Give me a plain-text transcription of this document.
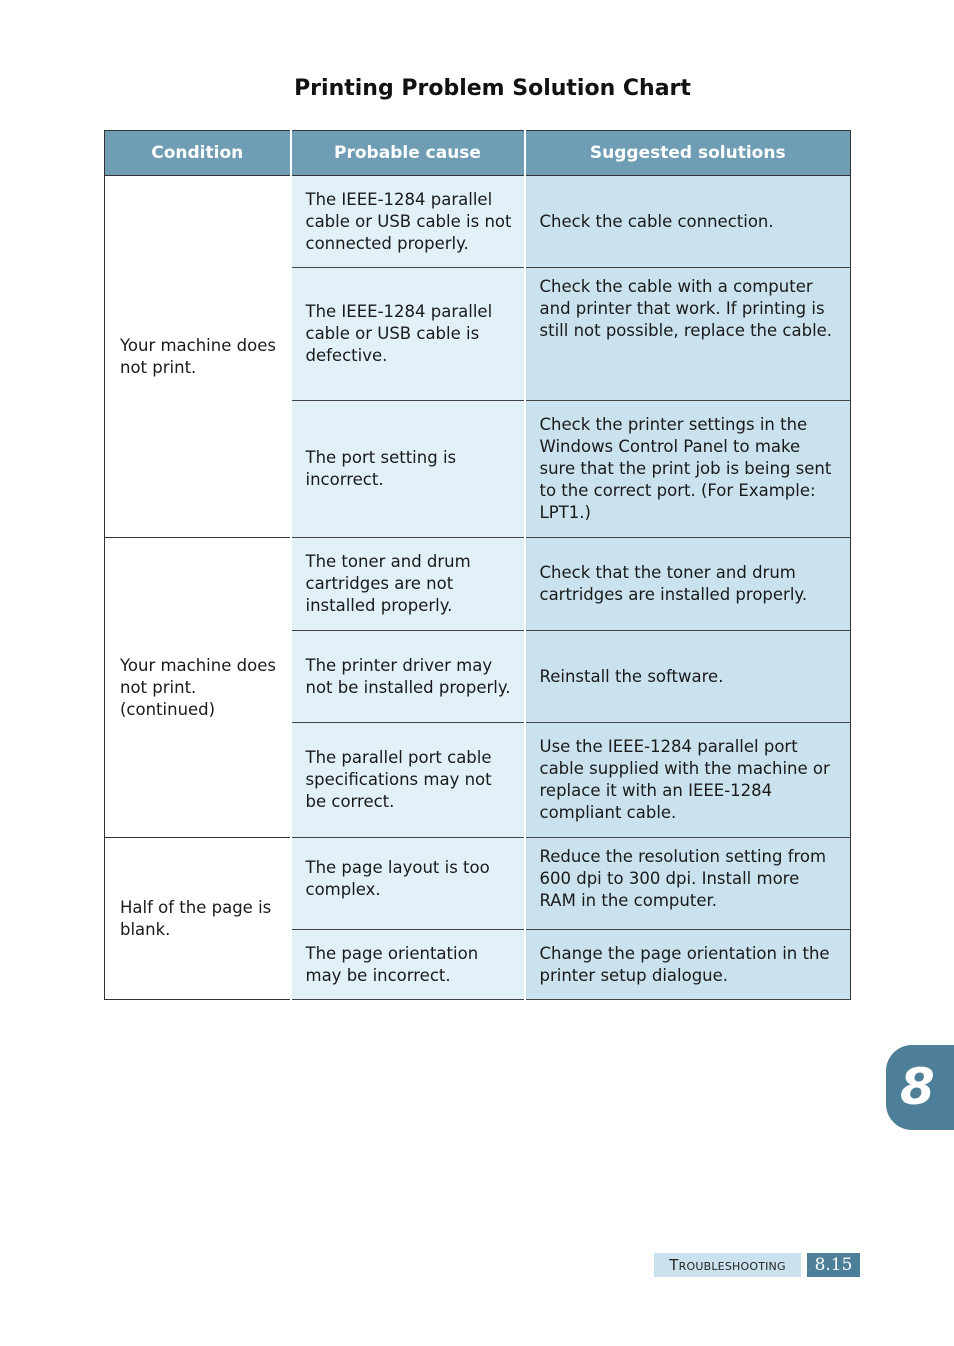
Printing Problem Solution Chart
Condition	Probable cause	Suggested solutions
Your machine does not print.	The IEEE-1284 parallel cable or USB cable is not connected properly.	Check the cable connection.
	The IEEE-1284 parallel cable or USB cable is defective.	Check the cable with a computer and printer that work. If printing is still not possible, replace the cable.
	The port setting is incorrect.	Check the printer settings in the Windows Control Panel to make sure that the print job is being sent to the correct port. (For Example: LPT1.)
Your machine does not print. (continued)	The toner and drum cartridges are not installed properly.	Check that the toner and drum cartridges are installed properly.
	The printer driver may not be installed properly.	Reinstall the software.
	The parallel port cable specifications may not be correct.	Use the IEEE-1284 parallel port cable supplied with the machine or replace it with an IEEE-1284 compliant cable.
Half of the page is blank.	The page layout is too complex.	Reduce the resolution setting from 600 dpi to 300 dpi. Install more RAM in the computer.
	The page orientation may be incorrect.	Change the page orientation in the printer setup dialogue.
8
Troubleshooting	8.15
